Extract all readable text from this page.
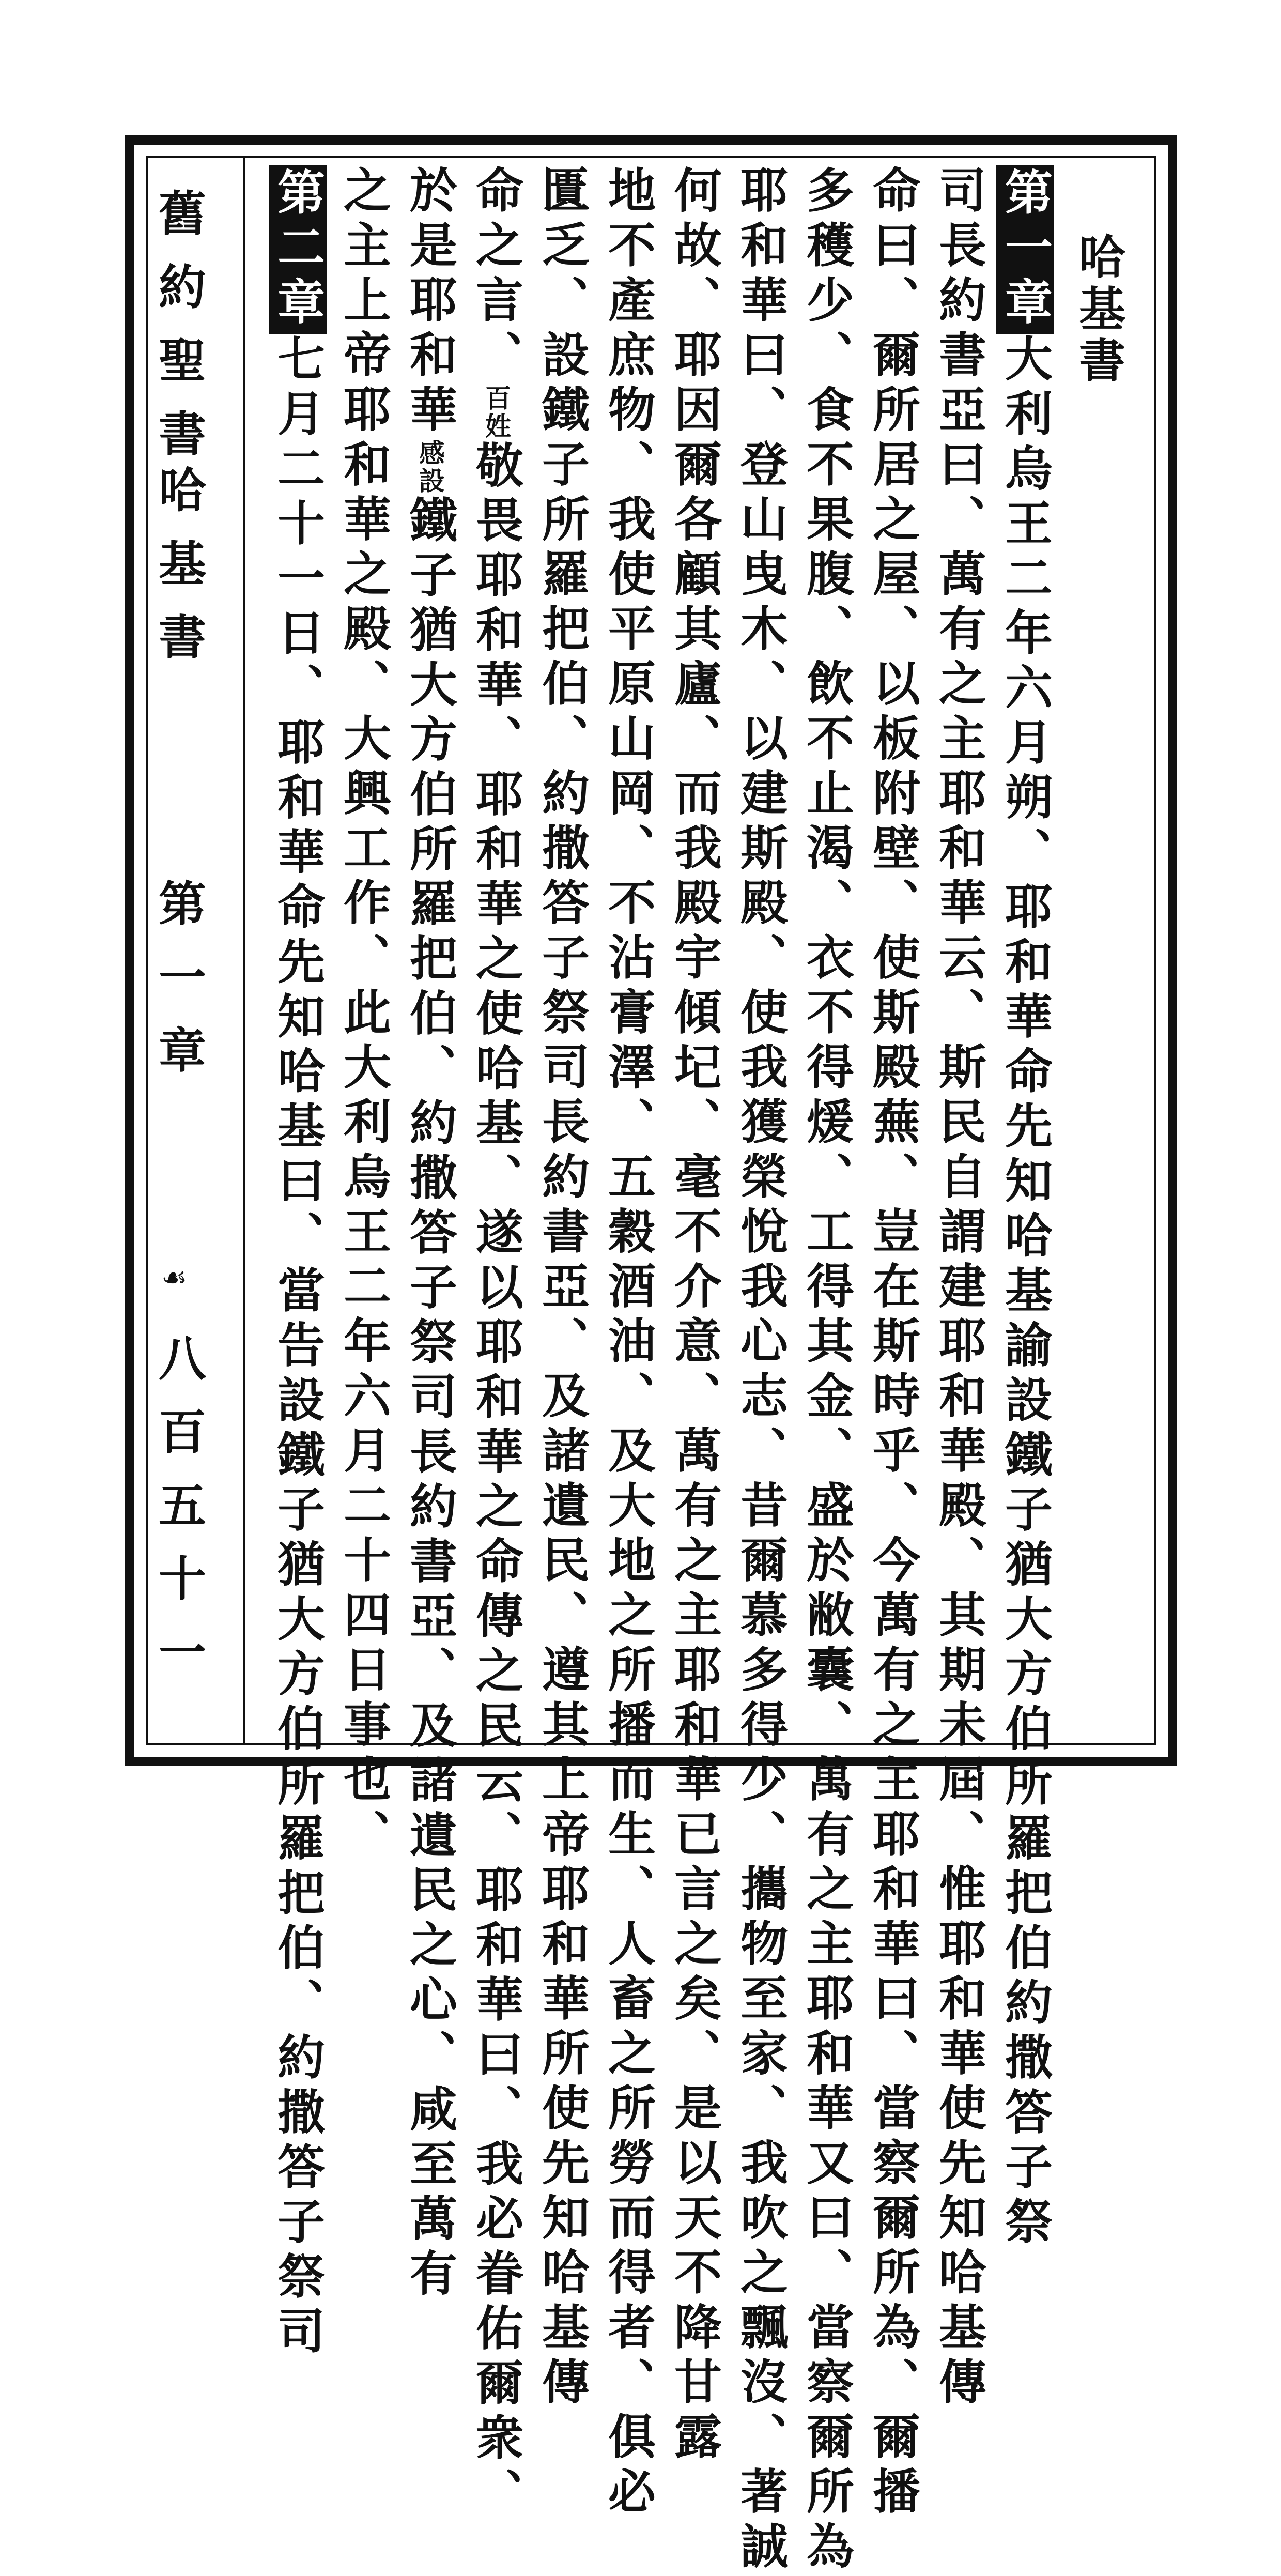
哈基書
第一章大利烏王二年六月朔、耶和華命先知哈基諭設鐵子猶大方伯所羅把伯約撒答子祭
司長約書亞曰、萬有之主耶和華云、斯民自謂建耶和華殿、其期未屆、惟耶和華使先知哈基傳
命曰、爾所居之屋、以板附壁、使斯殿蕪、豈在斯時乎、今萬有之主耶和華曰、當察爾所為、爾播
多穫少、食不果腹、飲不止渴、衣不得煖、工得其金、盛於敝囊、萬有之主耶和華又曰、當察爾所為
耶和華曰、登山曳木、以建斯殿、使我獲榮悅我心志、昔爾慕多得少、攜物至家、我吹之飄沒、著誠
何故、耶因爾各顧其廬、而我殿宇傾圮、毫不介意、萬有之主耶和華已言之矣、是以天不降甘露
地不產庶物、我使平原山岡、不沾膏澤、五穀酒油、及大地之所播而生、人畜之所勞而得者、俱必
匱乏、設鐵子所羅把伯、約撒答子祭司長約書亞、及諸遺民、遵其上帝耶和華所使先知哈基傳
命之言、百姓敬畏耶和華、耶和華之使哈基、遂以耶和華之命傳之民云、耶和華曰、我必眷佑爾衆、
於是耶和華感設鐵子猶大方伯所羅把伯、約撒答子祭司長約書亞、及諸遺民之心、咸至萬有
之主上帝耶和華之殿、大興工作、此大利烏王二年六月二十四日事也、
第二章七月二十一日、耶和華命先知哈基曰、當告設鐵子猶大方伯所羅把伯、約撒答子祭司
舊約聖書
哈基書
第一章
☙
八百五十一
